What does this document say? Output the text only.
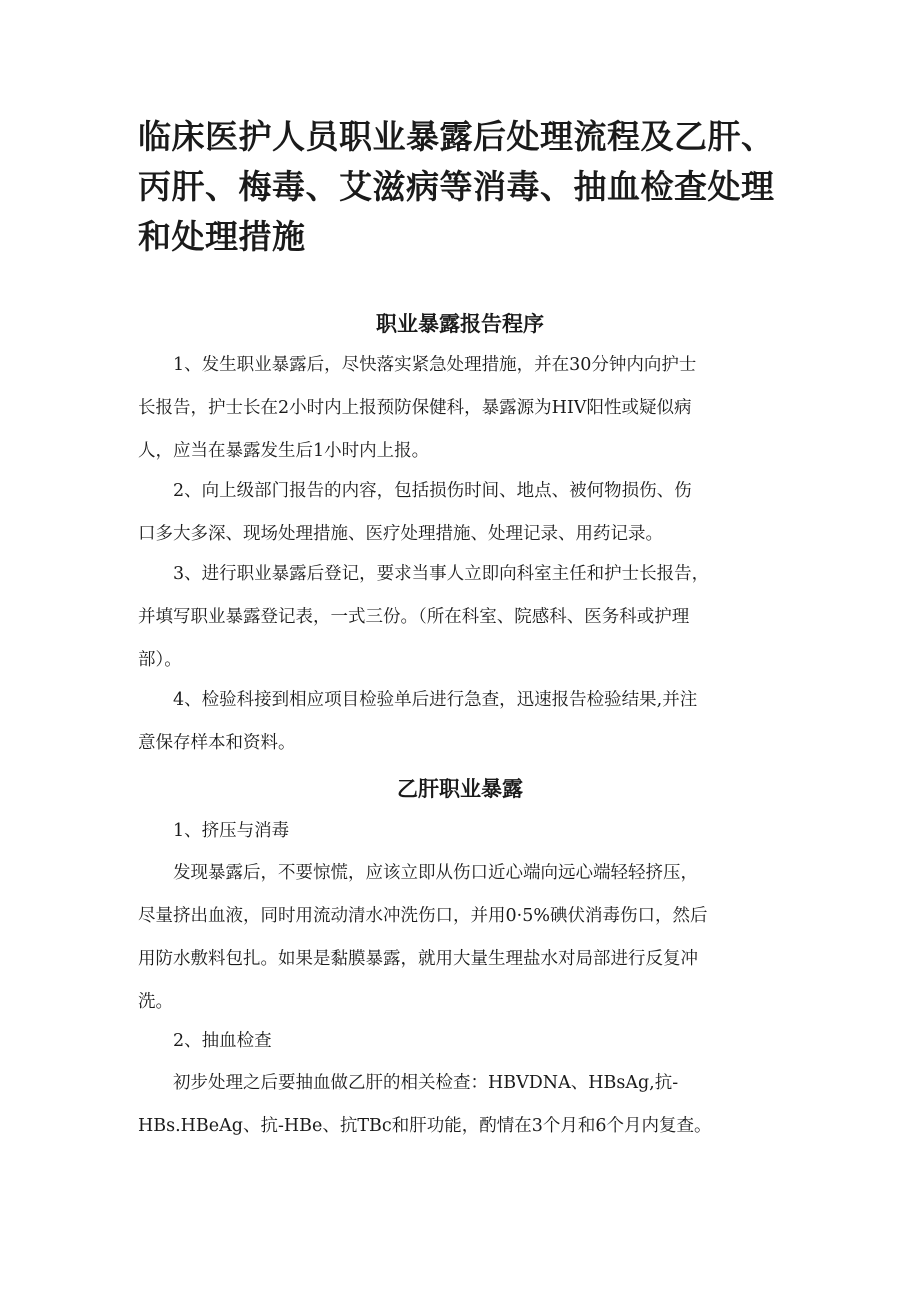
临床医护人员职业暴露后处理流程及乙肝、
丙肝、梅毒、艾滋病等消毒、抽血检查处理
和处理措施
职业暴露报告程序

　　1、发生职业暴露后，尽快落实紧急处理措施，并在30分钟内向护士
长报告，护士长在2小时内上报预防保健科，暴露源为HIV阳性或疑似病
人，应当在暴露发生后1小时内上报。

　　2、向上级部门报告的内容，包括损伤时间、地点、被何物损伤、伤
口多大多深、现场处理措施、医疗处理措施、处理记录、用药记录。

　　3、进行职业暴露后登记，要求当事人立即向科室主任和护士长报告，
并填写职业暴露登记表，一式三份。（所在科室、院感科、医务科或护理
部）。

　　4、检验科接到相应项目检验单后进行急查，迅速报告检验结果,并注
意保存样本和资料。

乙肝职业暴露

　　1、挤压与消毒

　　发现暴露后，不要惊慌，应该立即从伤口近心端向远心端轻轻挤压，
尽量挤出血液，同时用流动清水冲洗伤口，并用0·5%碘伏消毒伤口，然后
用防水敷料包扎。如果是黏膜暴露，就用大量生理盐水对局部进行反复冲
洗。

　　2、抽血检查

　　初步处理之后要抽血做乙肝的相关检查：HBVDNA、HBsAg,抗-
HBs.HBeAg、抗-HBe、抗TBc和肝功能，酌情在3个月和6个月内复查。
